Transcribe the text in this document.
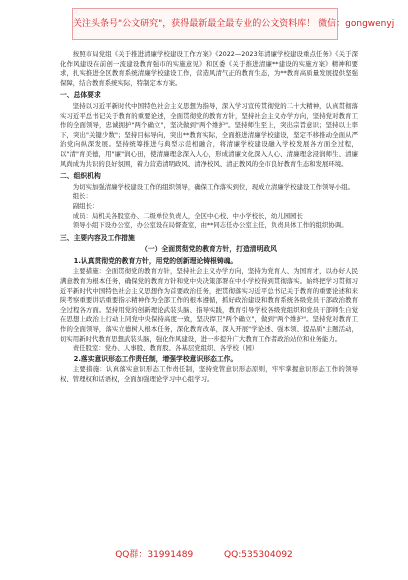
关注头条号"公文研究"，获得最新最全最专业的公文资料库！ 微信：gongwenyj

按照市局党组《关于推进清廉学校建设工作方案》《2022—2023年清廉学校建设重点任务》《关于深化作风建设在前创一流建设教育强市的实施意见》和区委《关于推进清廉**建设的实施方案》精神和要求，扎实推进全区教育系统清廉学校建设工作，营造风清气正的教育生态，为**教育高质量发展提供坚强保障，结合教育系统实际，特制定本方案。

一、总体要求

坚持以习近平新时代中国特色社会主义思想为指导，深入学习宣传贯彻党的二十大精神，认真贯彻落实习近平总书记关于教育的重要论述，全面贯彻党的教育方针，坚持社会主义办学方向，坚持党对教育工作的全面领导，忠诚拥护"两个确立"，坚决做到"两个维护"。坚持师生至上，突出宗旨意识；坚持以上率下，突出"关键少数"；坚持目标导向，突出**教育实际，全面推进清廉学校建设，坚定不移推动全面从严治党向纵深发展。坚持统筹推进与典型示范相融合，将清廉学校建设融入学校发展各方面全过程，以"清"育美德，用"廉"润心田，使清廉理念深入人心，形成清廉文化深入人心、清廉理念浸润师生、清廉风尚成为共识的良好氛围，着力营造清明政风、清净校风、清正教风的全市良好教育生态和发展环境。

二、组织机构

为切实加强清廉学校建设工作的组织领导，确保工作落实到位，现成立清廉学校建设工作领导小组。

组长：

副组长：

成员：局机关各股室办、二级单位负责人，全区中心校、中小学校长，幼儿园园长

领导小组下设办公室，办公室设在局督查室，由**同志任办公室主任，负责具体工作的组织协调。

三、主要内容及工作措施

（一）全面贯彻党的教育方针，打造清明政风

1.认真贯彻党的教育方针，用党的创新理论铸根铸魂。

主要措施：全面贯彻党的教育方针，坚持社会主义办学方向，坚持为党育人、为国育才，以办好人民满意教育为根本任务，确保党的教育方针和党中央决策部署在中小学校得到贯彻落实。始终把学习贯彻习近平新时代中国特色社会主义思想作为首要政治任务，把贯彻落实习近平总书记关于教育的重要论述和来陕考察重要讲话重要指示精神作为全部工作的根本遵循，抓好政治建设和教育系统各级党员干部政治教育全过程各方面。坚持用党的创新理论武装头脑、指导实践，教育引导学校各级党组织和党员干部师生自觉在思想上政治上行动上同党中央保持高度一致，坚决捍卫"两个确立"，做到"两个维护"。坚持党对教育工作的全面领导，落实立德树人根本任务，深化教育改革，深入开展"学论述、强本领、提品质"主题活动，切实用新时代教育思想武装头脑，强化作风建设，进一步提升广大教育工作者政治站位和业务能力。

责任股室：党办、人事股、教育股、各基层党组织、各学校（园）

2.落实意识形态工作责任制，增强学校意识形态工作。

主要措施：认真落实意识形态工作责任制，坚持党管意识形态原则，牢牢掌握意识形态工作的领导权、管理权和话语权，全面加强理论学习中心组学习。

QQ群：31991489	QQ:535304092
